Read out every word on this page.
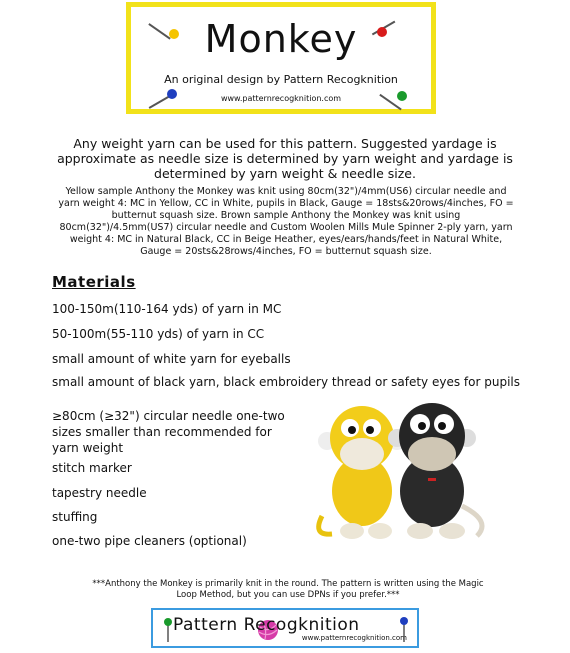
Monkey
An original design by Pattern Recogknition
www.patternrecogknition.com
Any weight yarn can be used for this pattern. Suggested yardage is approximate as needle size is determined by yarn weight and yardage is determined by yarn weight & needle size.
Yellow sample Anthony the Monkey was knit using 80cm(32")/4mm(US6) circular needle and yarn weight 4: MC in Yellow, CC in White, pupils in Black, Gauge = 18sts&20rows/4inches, FO = butternut squash size. Brown sample Anthony the Monkey was knit using 80cm(32")/4.5mm(US7) circular needle and Custom Woolen Mills Mule Spinner 2-ply yarn, yarn weight 4: MC in Natural Black, CC in Beige Heather, eyes/ears/hands/feet in Natural White, Gauge = 20sts&28rows/4inches, FO = butternut squash size.
Materials
100-150m(110-164 yds) of yarn in MC
50-100m(55-110 yds) of yarn in CC
small amount of white yarn for eyeballs
small amount of black yarn, black embroidery thread or safety eyes for pupils
≥80cm (≥32") circular needle one-two sizes smaller than recommended for yarn weight
stitch marker
tapestry needle
stuffing
one-two pipe cleaners (optional)
***Anthony the Monkey is primarily knit in the round. The pattern is written using the Magic Loop Method, but you can use DPNs if you prefer.***
Pattern Recogknition
www.patternrecogknition.com
